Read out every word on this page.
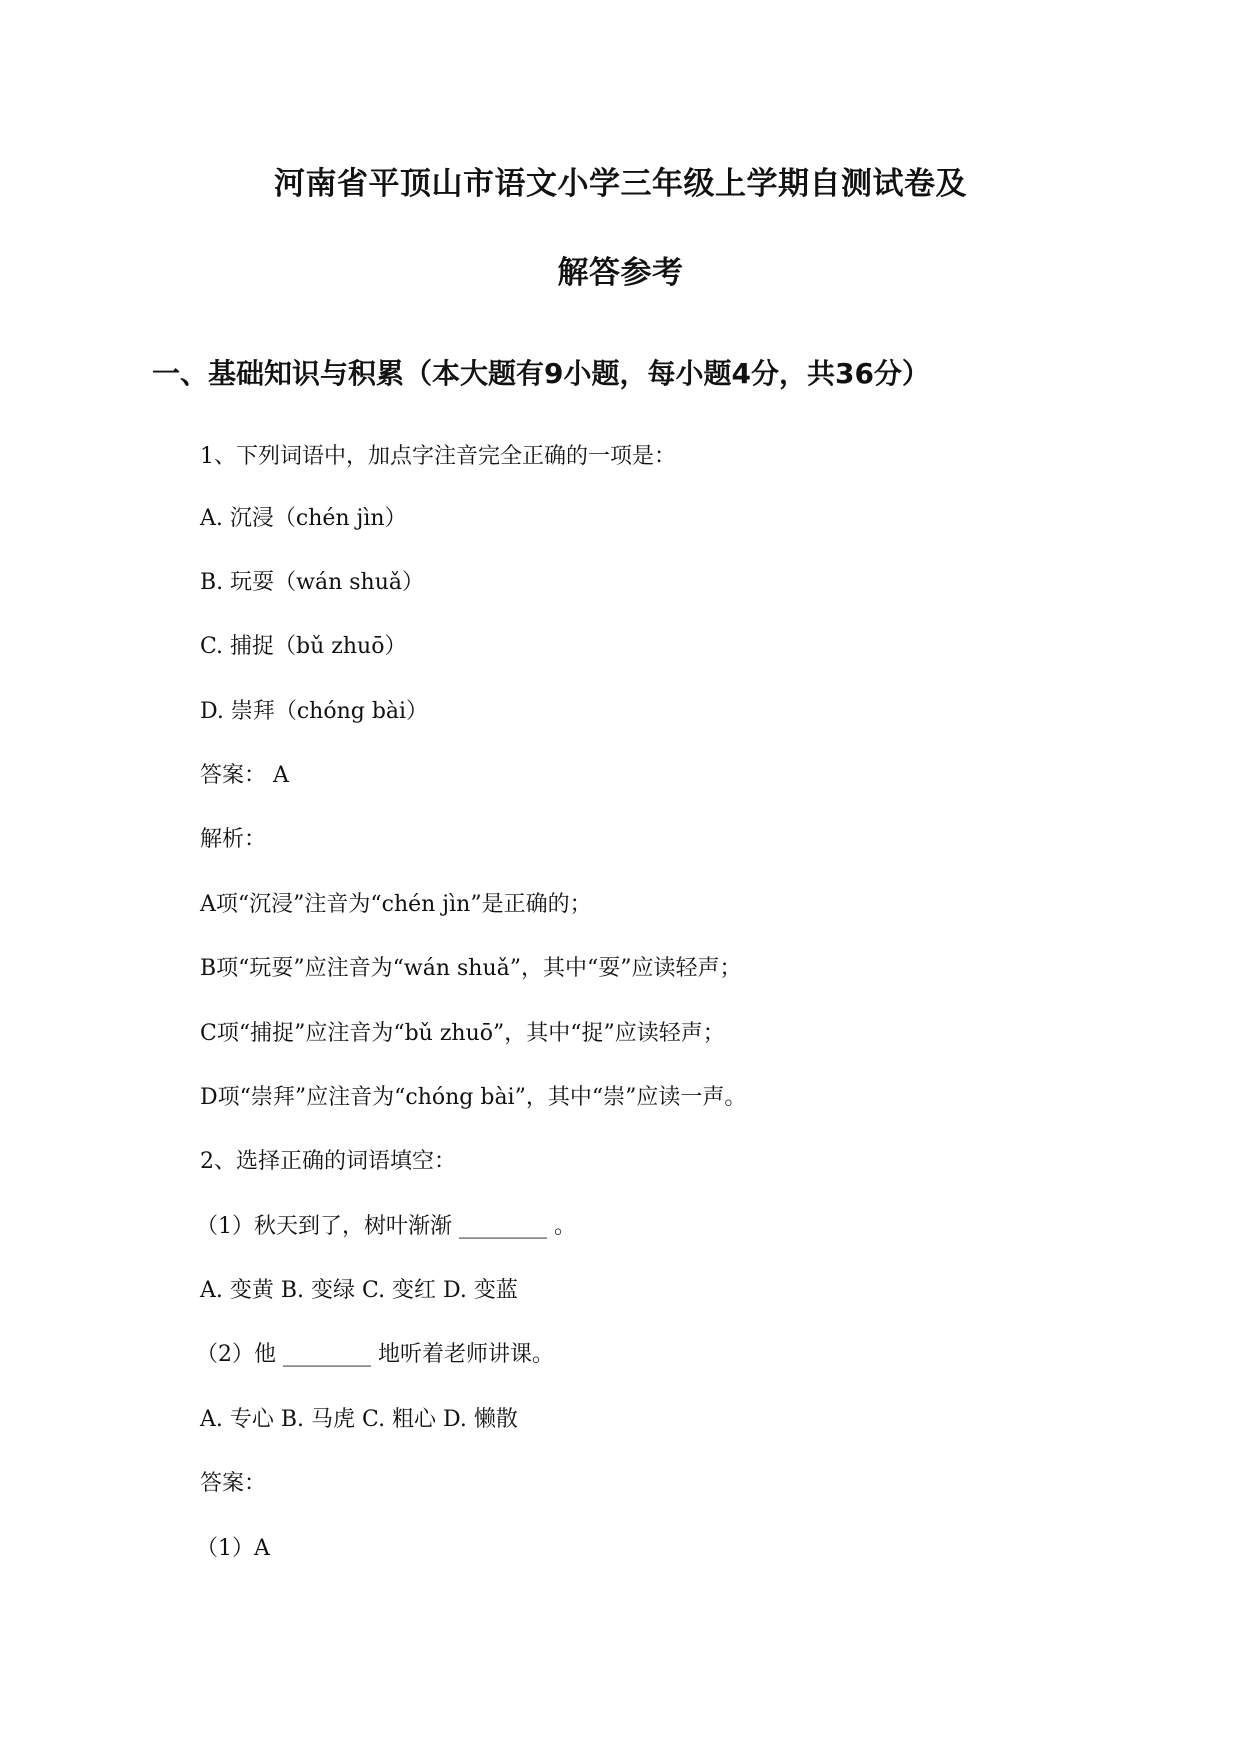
河南省平顶山市语文小学三年级上学期自测试卷及
解答参考
一、基础知识与积累（本大题有9小题，每小题4分，共36分）

1、下列词语中，加点字注音完全正确的一项是：

A. 沉浸（chén jìn）

B. 玩耍（wán shuǎ）

C. 捕捉（bǔ zhuō）

D. 崇拜（chóng bài）

答案： A

解析：

A项“沉浸”注音为“chén jìn”是正确的；

B项“玩耍”应注音为“wán shuǎ”，其中“耍”应读轻声；

C项“捕捉”应注音为“bǔ zhuō”，其中“捉”应读轻声；

D项“崇拜”应注音为“chóng bài”，其中“崇”应读一声。

2、选择正确的词语填空：

（1）秋天到了，树叶渐渐 ________ 。

A. 变黄 B. 变绿 C. 变红 D. 变蓝

（2）他 ________ 地听着老师讲课。

A. 专心 B. 马虎 C. 粗心 D. 懒散

答案：

（1）A
